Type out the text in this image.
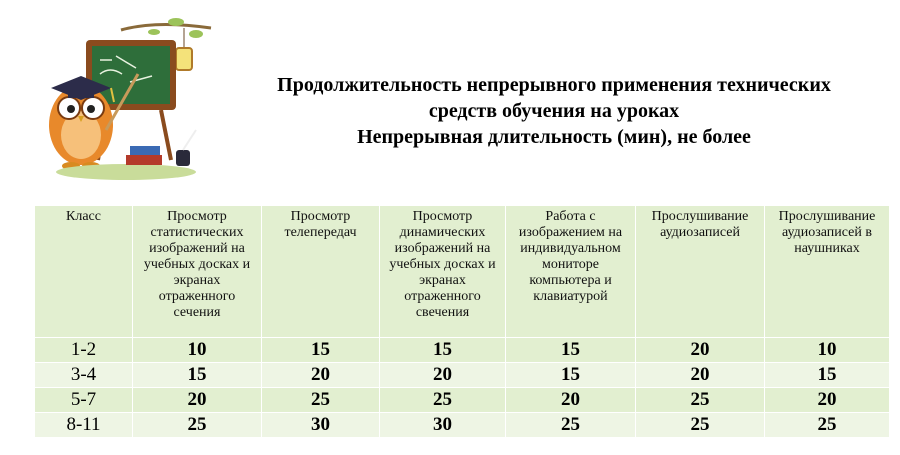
Продолжительность непрерывного применения технических
средств обучения на уроках
Непрерывная длительность (мин), не более
Класс	Просмотр статистических изображений на учебных досках и экранах отраженного сечения	Просмотр телепередач	Просмотр динамических изображений на учебных досках и экранах отраженного свечения	Работа с изображением на индивидуальном мониторе компьютера и клавиатурой	Прослушивание аудиозаписей	Прослушивание аудиозаписей в наушниках
1-2	10	15	15	15	20	10
3-4	15	20	20	15	20	15
5-7	20	25	25	20	25	20
8-11	25	30	30	25	25	25
